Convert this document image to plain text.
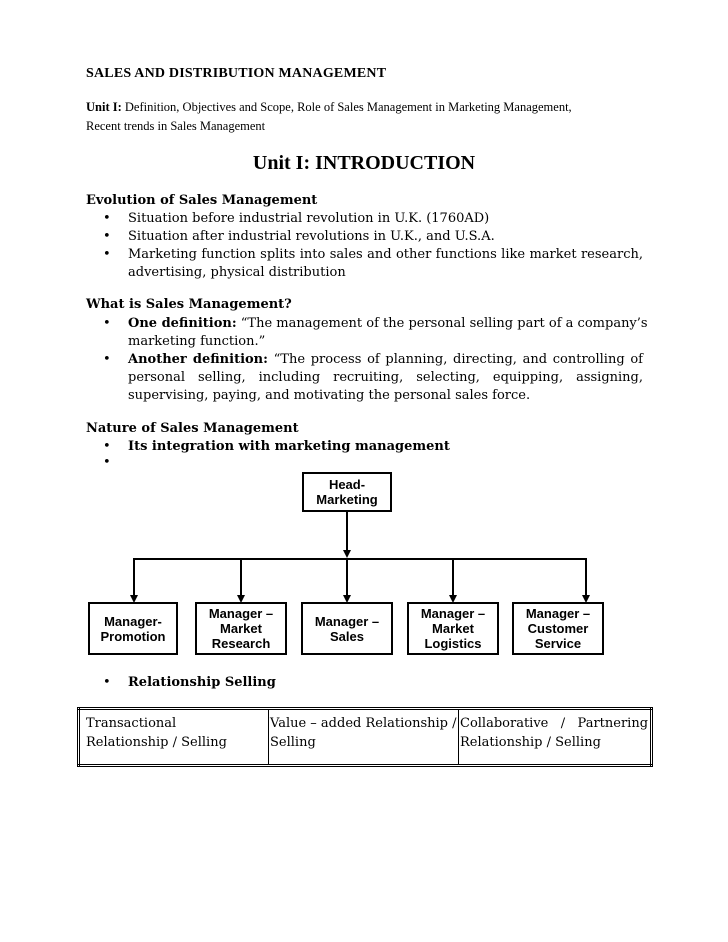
SALES AND DISTRIBUTION MANAGEMENT
Unit I: Definition, Objectives and Scope, Role of Sales Management in Marketing Management,
Recent trends in Sales Management
Unit I: INTRODUCTION
Evolution of Sales Management
• Situation before industrial revolution in U.K. (1760AD)
• Situation after industrial revolutions in U.K., and U.S.A.
• Marketing function splits into sales and other functions like market research,
advertising, physical distribution
What is Sales Management?
• One definition: “The management of the personal selling part of a company’s
marketing function.”
• Another definition: “The process of planning, directing, and controlling of
personal selling, including recruiting, selecting, equipping, assigning,
supervising, paying, and motivating the personal sales force.
Nature of Sales Management
• Its integration with marketing management
•
Head-
Marketing
Manager-
Promotion
Manager –
Market
Research
Manager –
Sales
Manager –
Market
Logistics
Manager –
Customer
Service
• Relationship Selling
Transactional
Relationship / Selling

Value – added Relationship /
Selling

Collaborative   /   Partnering
Relationship / Selling
